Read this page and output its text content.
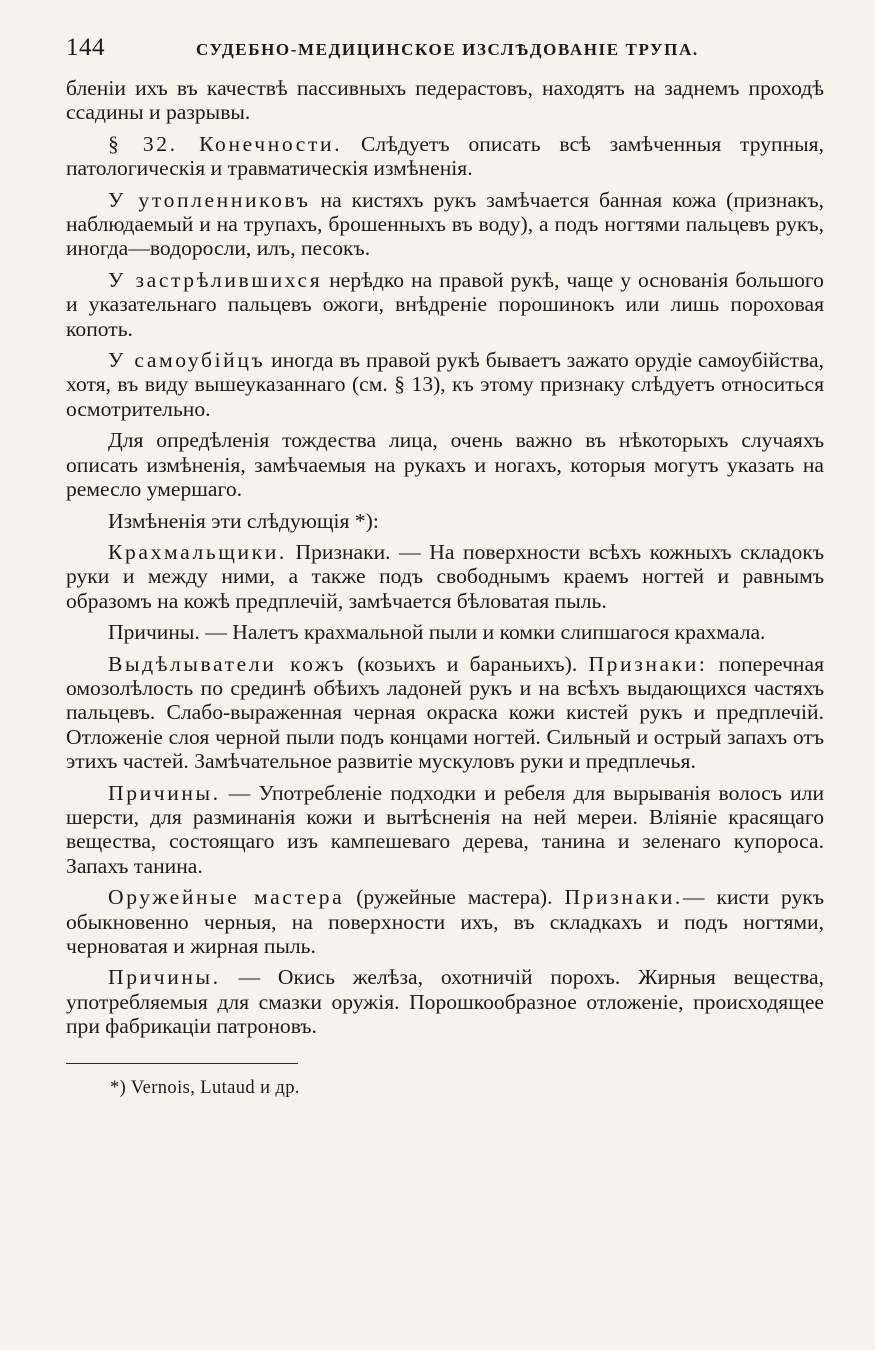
144	СУДЕБНО-МЕДИЦИНСКОЕ ИЗСЛѢДОВАНІЕ ТРУПА.

бленіи ихъ въ качествѣ пассивныхъ педерастовъ, находятъ на заднемъ проходѣ ссадины и разрывы.

§ 32. Конечности. Слѣдуетъ описать всѣ замѣченныя трупныя, патологическія и травматическія измѣненія.

У утопленниковъ на кистяхъ рукъ замѣчается банная кожа (признакъ, наблюдаемый и на трупахъ, брошенныхъ въ воду), а подъ ногтями пальцевъ рукъ, иногда—водоросли, илъ, песокъ.

У застрѣлившихся нерѣдко на правой рукѣ, чаще у основанія большого и указательнаго пальцевъ ожоги, внѣдреніе порошинокъ или лишь пороховая копоть.

У самоубійцъ иногда въ правой рукѣ бываетъ зажато орудіе самоубійства, хотя, въ виду вышеуказаннаго (см. § 13), къ этому признаку слѣдуетъ относиться осмотрительно.

Для опредѣленія тождества лица, очень важно въ нѣкоторыхъ случаяхъ описать измѣненія, замѣчаемыя на рукахъ и ногахъ, которыя могутъ указать на ремесло умершаго.

Измѣненія эти слѣдующія *):

Крахмальщики. Признаки. — На поверхности всѣхъ кожныхъ складокъ руки и между ними, а также подъ свободнымъ краемъ ногтей и равнымъ образомъ на кожѣ предплечій, замѣчается бѣловатая пыль.

Причины. — Налетъ крахмальной пыли и комки слипшагося крахмала.

Выдѣлыватели кожъ (козьихъ и бараньихъ). Признаки: поперечная омозолѣлость по срединѣ обѣихъ ладоней рукъ и на всѣхъ выдающихся частяхъ пальцевъ. Слабо-выраженная черная окраска кожи кистей рукъ и предплечій. Отложеніе слоя черной пыли подъ концами ногтей. Сильный и острый запахъ отъ этихъ частей. Замѣчательное развитіе мускуловъ руки и предплечья.

Причины. — Употребленіе подходки и ребеля для вырыванія волосъ или шерсти, для разминанія кожи и вытѣсненія на ней мереи. Вліяніе красящаго вещества, состоящаго изъ кампешеваго дерева, танина и зеленаго купороса. Запахъ танина.

Оружейные мастера (ружейные мастера). Признаки.— кисти рукъ обыкновенно черныя, на поверхности ихъ, въ складкахъ и подъ ногтями, черноватая и жирная пыль.

Причины. — Окись желѣза, охотничій порохъ. Жирныя вещества, употребляемыя для смазки оружія. Порошкообразное отложеніе, происходящее при фабрикаціи патроновъ.

*) Vernois, Lutaud и др.
